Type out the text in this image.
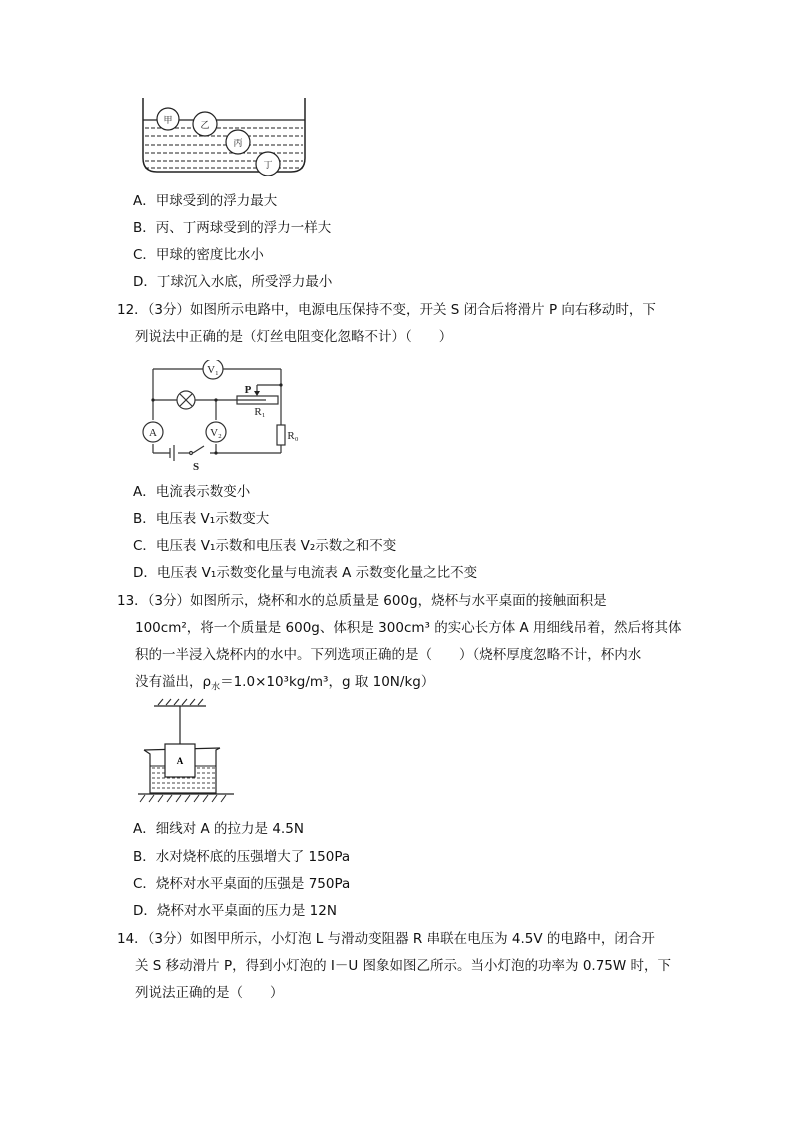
甲	乙
丙
丁
A．甲球受到的浮力最大
B．丙、丁两球受到的浮力一样大
C．甲球的密度比水小
D．丁球沉入水底，所受浮力最小
12．（3分）如图所示电路中，电源电压保持不变，开关 S 闭合后将滑片 P 向右移动时，下
列说法中正确的是（灯丝电阻变化忽略不计）（　　）
V₁
V₂
A
P
R₁
R₀
S
A．电流表示数变小
B．电压表 V₁示数变大
C．电压表 V₁示数和电压表 V₂示数之和不变
D．电压表 V₁示数变化量与电流表 A 示数变化量之比不变
13．（3分）如图所示，烧杯和水的总质量是 600g，烧杯与水平桌面的接触面积是
100cm²，将一个质量是 600g、体积是 300cm³ 的实心长方体 A 用细线吊着，然后将其体
积的一半浸入烧杯内的水中。下列选项正确的是（　　）（烧杯厚度忽略不计，杯内水
没有溢出，$\rho_水=1.0\times 10^3kg/m^3$，g 取 10N/kg）
A
A．细线对 A 的拉力是 4.5N
B．水对烧杯底的压强增大了 150Pa
C．烧杯对水平桌面的压强是 750Pa
D．烧杯对水平桌面的压力是 12N
14．（3分）如图甲所示，小灯泡 L 与滑动变阻器 R 串联在电压为 4.5V 的电路中，闭合开
关 S 移动滑片 P，得到小灯泡的 I－U 图象如图乙所示。当小灯泡的功率为 0.75W 时，下
列说法正确的是（　　）
